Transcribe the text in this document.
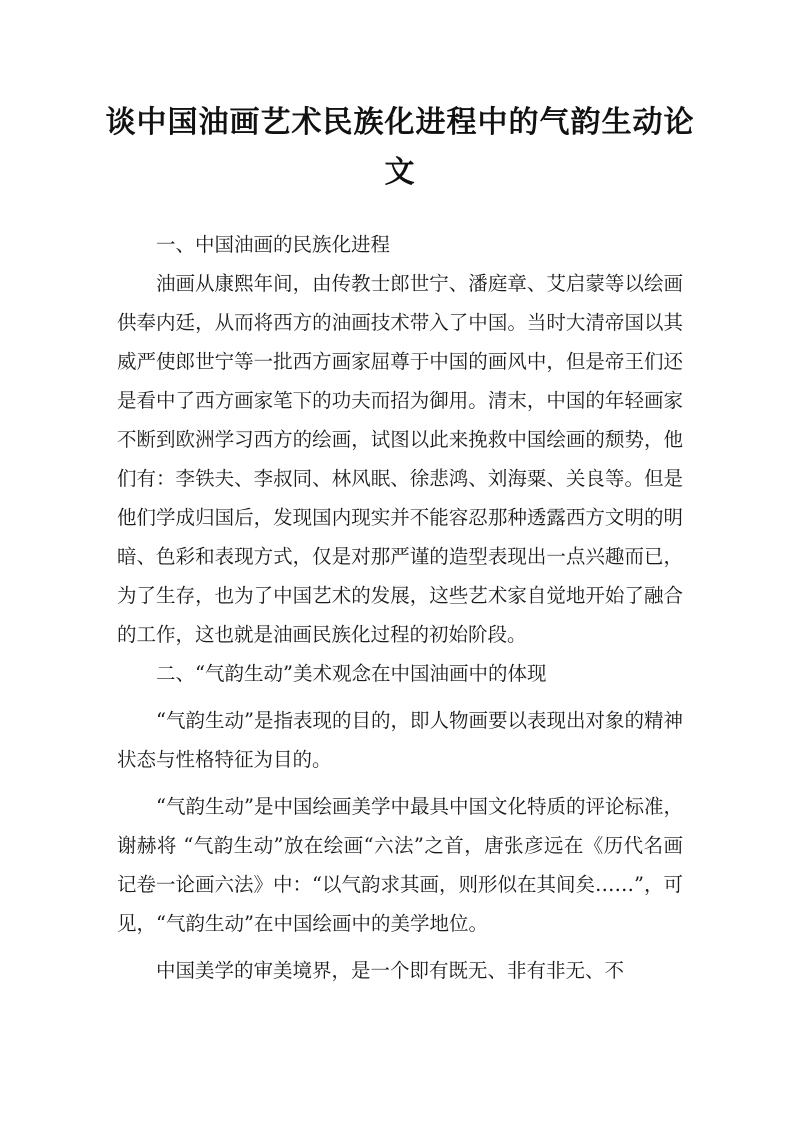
谈中国油画艺术民族化进程中的气韵生动论文

一、中国油画的民族化进程

油画从康熙年间，由传教士郎世宁、潘庭章、艾启蒙等以绘画供奉内廷，从而将西方的油画技术带入了中国。当时大清帝国以其威严使郎世宁等一批西方画家屈尊于中国的画风中，但是帝王们还是看中了西方画家笔下的功夫而招为御用。清末，中国的年轻画家不断到欧洲学习西方的绘画，试图以此来挽救中国绘画的颓势，他们有：李铁夫、李叔同、林风眠、徐悲鸿、刘海粟、关良等。但是他们学成归国后，发现国内现实并不能容忍那种透露西方文明的明暗、色彩和表现方式，仅是对那严谨的造型表现出一点兴趣而已，为了生存，也为了中国艺术的发展，这些艺术家自觉地开始了融合的工作，这也就是油画民族化过程的初始阶段。

二、“气韵生动”美术观念在中国油画中的体现

“气韵生动”是指表现的目的，即人物画要以表现出对象的精神状态与性格特征为目的。

“气韵生动”是中国绘画美学中最具中国文化特质的评论标准，谢赫将 “气韵生动”放在绘画“六法”之首，唐张彦远在《历代名画记卷一论画六法》中：“以气韵求其画，则形似在其间矣……”，可见，“气韵生动”在中国绘画中的美学地位。

中国美学的审美境界，是一个即有既无、非有非无、不
